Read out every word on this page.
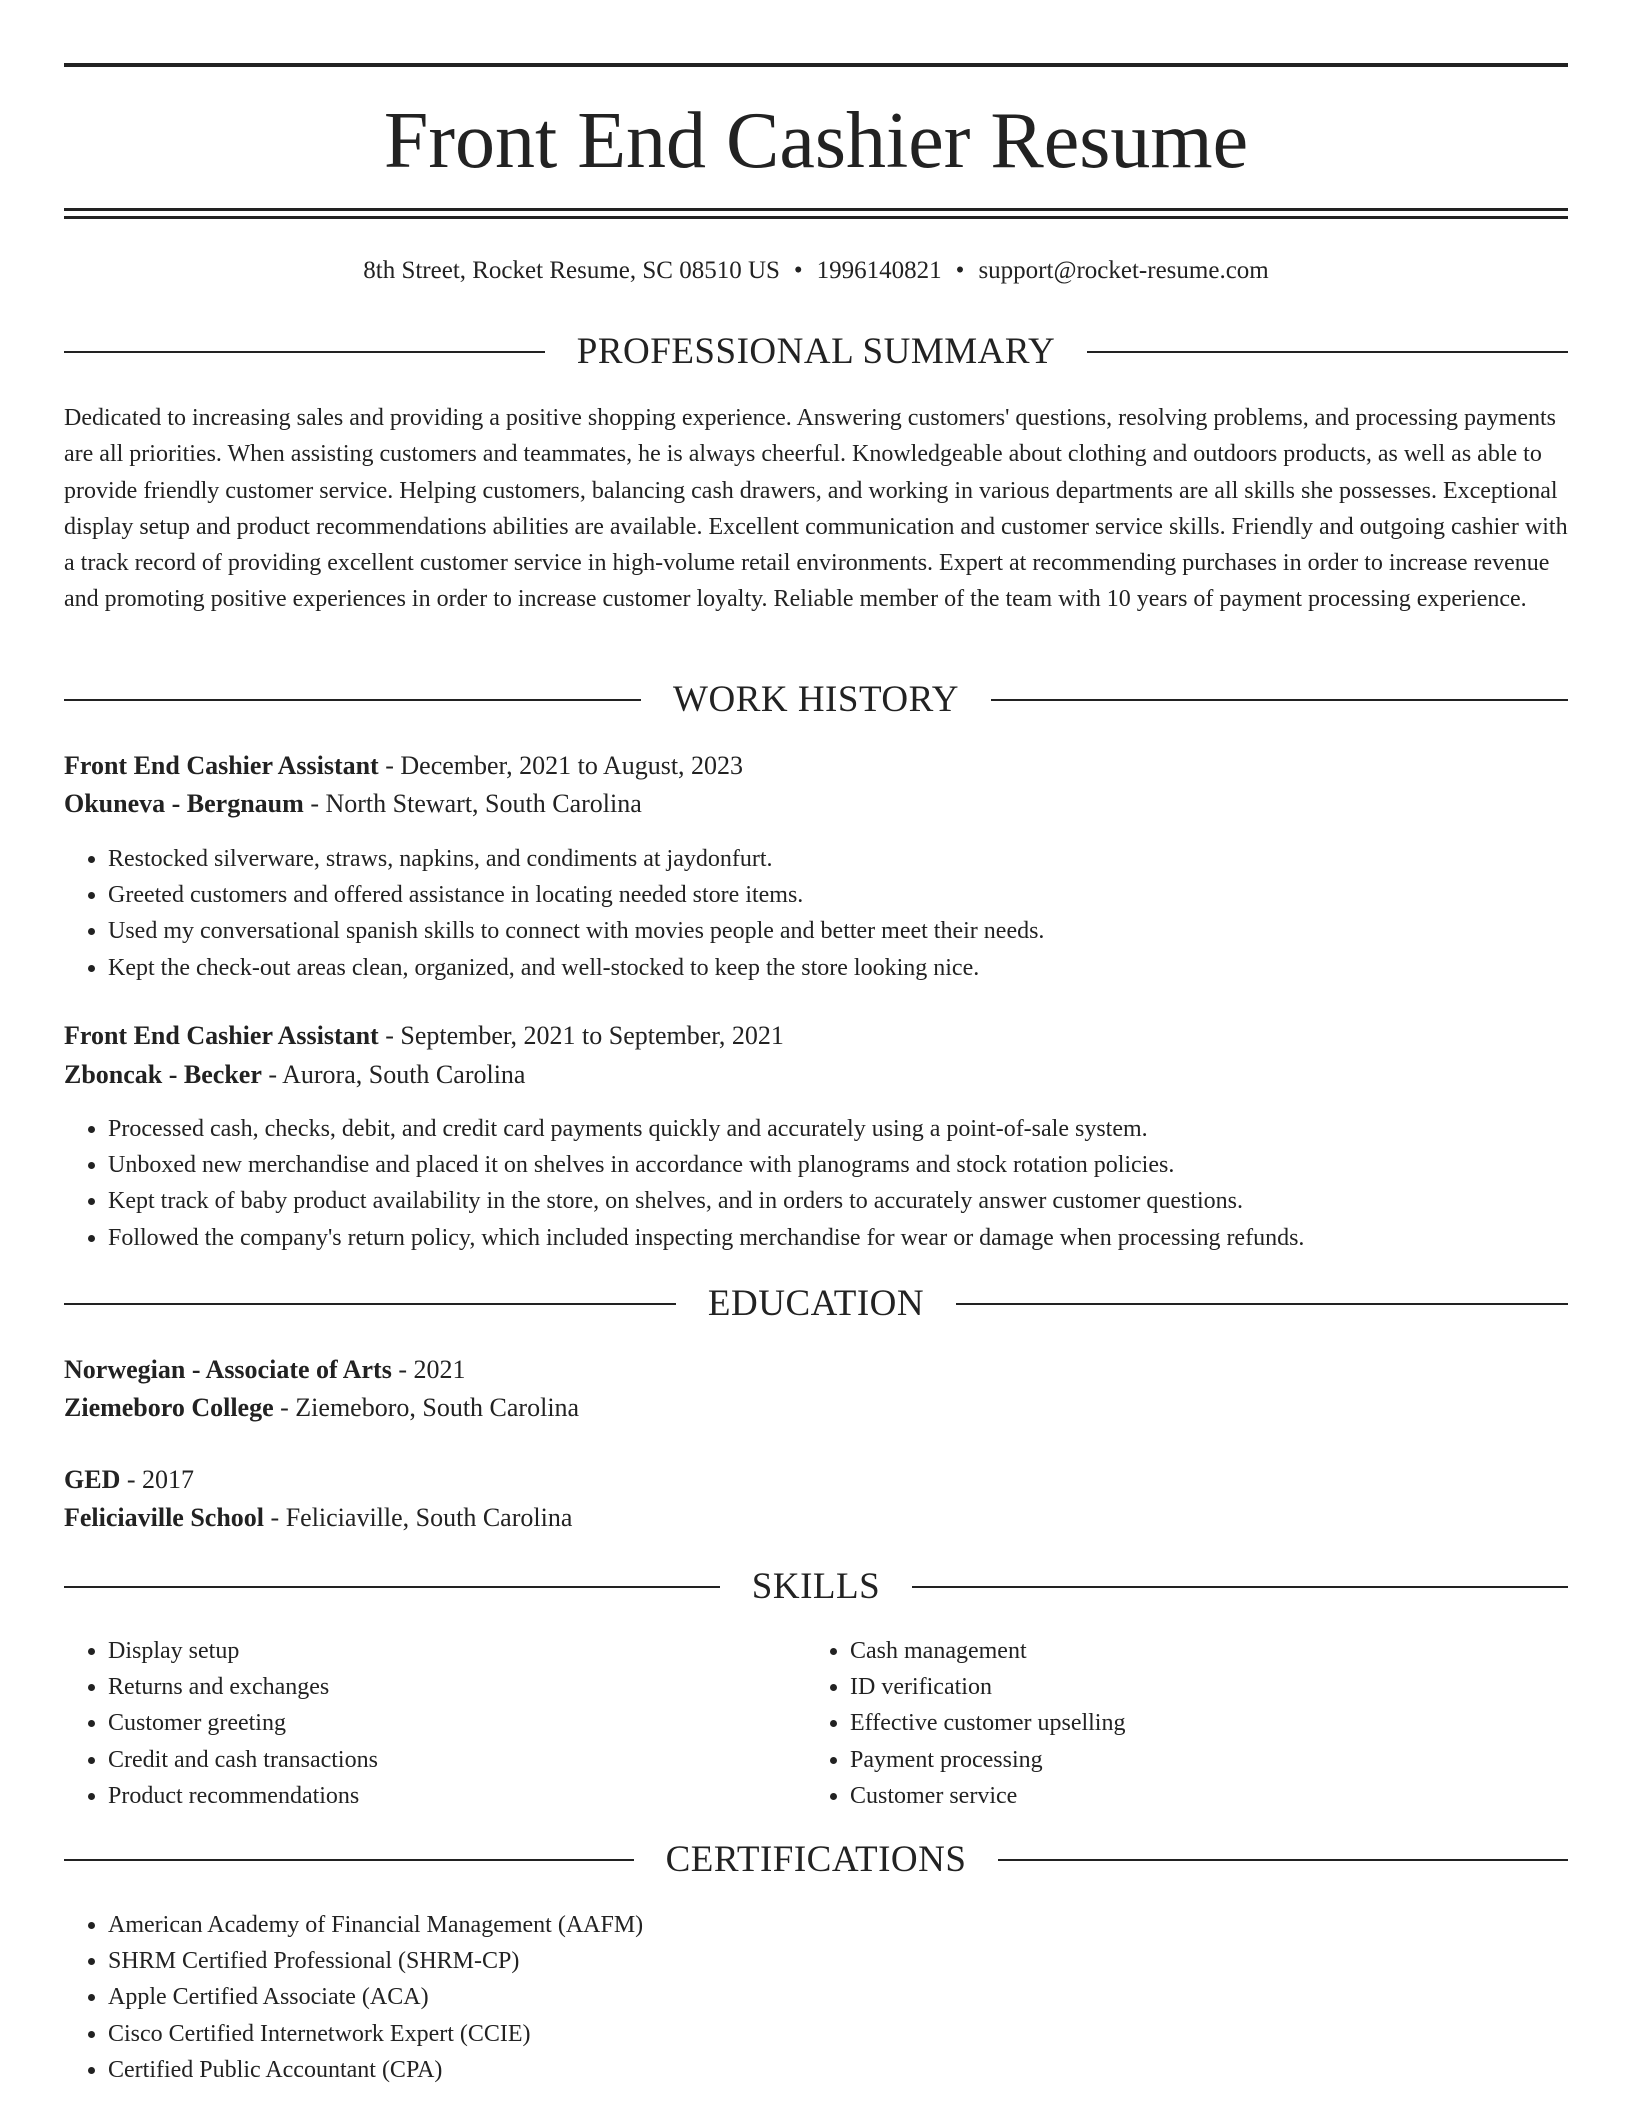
Front End Cashier Resume
8th Street, Rocket Resume, SC 08510 US • 1996140821 • support@rocket-resume.com
PROFESSIONAL SUMMARY

Dedicated to increasing sales and providing a positive shopping experience. Answering customers' questions, resolving problems, and processing payments are all priorities. When assisting customers and teammates, he is always cheerful. Knowledgeable about clothing and outdoors products, as well as able to provide friendly customer service. Helping customers, balancing cash drawers, and working in various departments are all skills she possesses. Exceptional display setup and product recommendations abilities are available. Excellent communication and customer service skills. Friendly and outgoing cashier with a track record of providing excellent customer service in high-volume retail environments. Expert at recommending purchases in order to increase revenue and promoting positive experiences in order to increase customer loyalty. Reliable member of the team with 10 years of payment processing experience.

WORK HISTORY
Front End Cashier Assistant - December, 2021 to August, 2023
Okuneva - Bergnaum - North Stewart, South Carolina
• Restocked silverware, straws, napkins, and condiments at jaydonfurt.
• Greeted customers and offered assistance in locating needed store items.
• Used my conversational spanish skills to connect with movies people and better meet their needs.
• Kept the check-out areas clean, organized, and well-stocked to keep the store looking nice.
Front End Cashier Assistant - September, 2021 to September, 2021
Zboncak - Becker - Aurora, South Carolina
• Processed cash, checks, debit, and credit card payments quickly and accurately using a point-of-sale system.
• Unboxed new merchandise and placed it on shelves in accordance with planograms and stock rotation policies.
• Kept track of baby product availability in the store, on shelves, and in orders to accurately answer customer questions.
• Followed the company's return policy, which included inspecting merchandise for wear or damage when processing refunds.
EDUCATION
Norwegian - Associate of Arts - 2021
Ziemeboro College - Ziemeboro, South Carolina
GED - 2017
Feliciaville School - Feliciaville, South Carolina
SKILLS
• Display setup
• Returns and exchanges
• Customer greeting
• Credit and cash transactions
• Product recommendations
• Cash management
• ID verification
• Effective customer upselling
• Payment processing
• Customer service
CERTIFICATIONS
• American Academy of Financial Management (AAFM)
• SHRM Certified Professional (SHRM-CP)
• Apple Certified Associate (ACA)
• Cisco Certified Internetwork Expert (CCIE)
• Certified Public Accountant (CPA)
